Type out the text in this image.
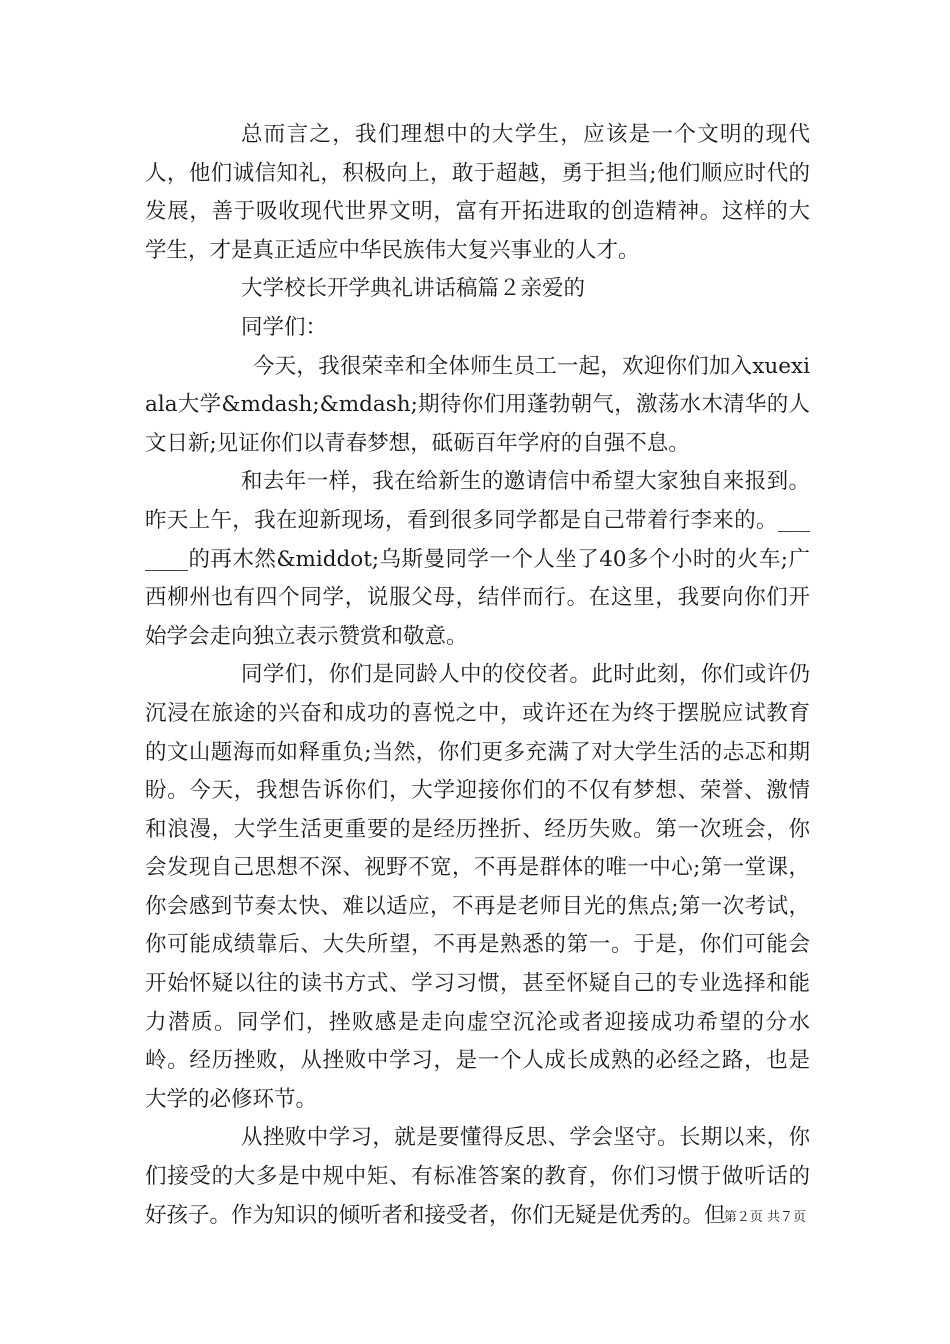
总而言之，我们理想中的大学生，应该是一个文明的现代人，他们诚信知礼，积极向上，敢于超越，勇于担当;他们顺应时代的发展，善于吸收现代世界文明，富有开拓进取的创造精神。这样的大学生，才是真正适应中华民族伟大复兴事业的人才。

大学校长开学典礼讲话稿篇２亲爱的

同学们：

今天，我很荣幸和全体师生员工一起，欢迎你们加入xuexiala大学&mdash;&mdash;期待你们用蓬勃朝气，激荡水木清华的人文日新;见证你们以青春梦想，砥砺百年学府的自强不息。

和去年一样，我在给新生的邀请信中希望大家独自来报到。昨天上午，我在迎新现场，看到很多同学都是自己带着行李来的。_______的再木然&middot;乌斯曼同学一个人坐了40多个小时的火车;广西柳州也有四个同学，说服父母，结伴而行。在这里，我要向你们开始学会走向独立表示赞赏和敬意。

同学们，你们是同龄人中的佼佼者。此时此刻，你们或许仍沉浸在旅途的兴奋和成功的喜悦之中，或许还在为终于摆脱应试教育的文山题海而如释重负;当然，你们更多充满了对大学生活的忐忑和期盼。今天，我想告诉你们，大学迎接你们的不仅有梦想、荣誉、激情和浪漫，大学生活更重要的是经历挫折、经历失败。第一次班会，你会发现自己思想不深、视野不宽，不再是群体的唯一中心;第一堂课，你会感到节奏太快、难以适应，不再是老师目光的焦点;第一次考试，你可能成绩靠后、大失所望，不再是熟悉的第一。于是，你们可能会开始怀疑以往的读书方式、学习习惯，甚至怀疑自己的专业选择和能力潜质。同学们，挫败感是走向虚空沉沦或者迎接成功希望的分水岭。经历挫败，从挫败中学习，是一个人成长成熟的必经之路，也是大学的必修环节。

从挫败中学习，就是要懂得反思、学会坚守。长期以来，你们接受的大多是中规中矩、有标准答案的教育，你们习惯于做听话的好孩子。作为知识的倾听者和接受者，你们无疑是优秀的。但

第２页 共７页
